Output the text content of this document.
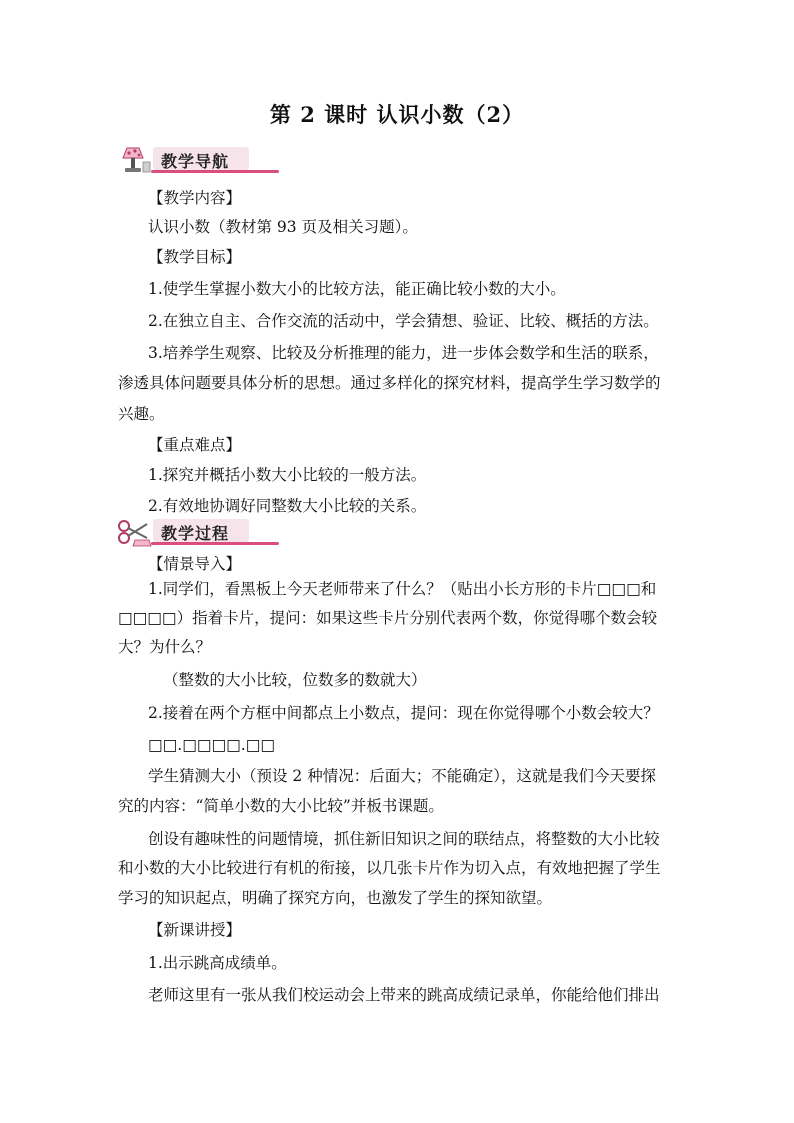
第 2 课时 认识小数（2）
教学导航
【教学内容】
认识小数（教材第 93 页及相关习题）。
【教学目标】
1.使学生掌握小数大小的比较方法，能正确比较小数的大小。
2.在独立自主、合作交流的活动中，学会猜想、验证、比较、概括的方法。
3.培养学生观察、比较及分析推理的能力，进一步体会数学和生活的联系，
渗透具体问题要具体分析的思想。通过多样化的探究材料，提高学生学习数学的
兴趣。
【重点难点】
1.探究并概括小数大小比较的一般方法。
2.有效地协调好同整数大小比较的关系。
教学过程
【情景导入】
1.同学们，看黑板上今天老师带来了什么？（贴出小长方形的卡片□□□和
□□□□）指着卡片，提问：如果这些卡片分别代表两个数，你觉得哪个数会较
大？为什么？
（整数的大小比较，位数多的数就大）
2.接着在两个方框中间都点上小数点，提问：现在你觉得哪个小数会较大？
□□.□□□□.□□
学生猜测大小（预设 2 种情况：后面大；不能确定），这就是我们今天要探
究的内容：“简单小数的大小比较”并板书课题。
创设有趣味性的问题情境，抓住新旧知识之间的联结点，将整数的大小比较
和小数的大小比较进行有机的衔接，以几张卡片作为切入点，有效地把握了学生
学习的知识起点，明确了探究方向，也激发了学生的探知欲望。
【新课讲授】
1.出示跳高成绩单。
老师这里有一张从我们校运动会上带来的跳高成绩记录单，你能给他们排出
